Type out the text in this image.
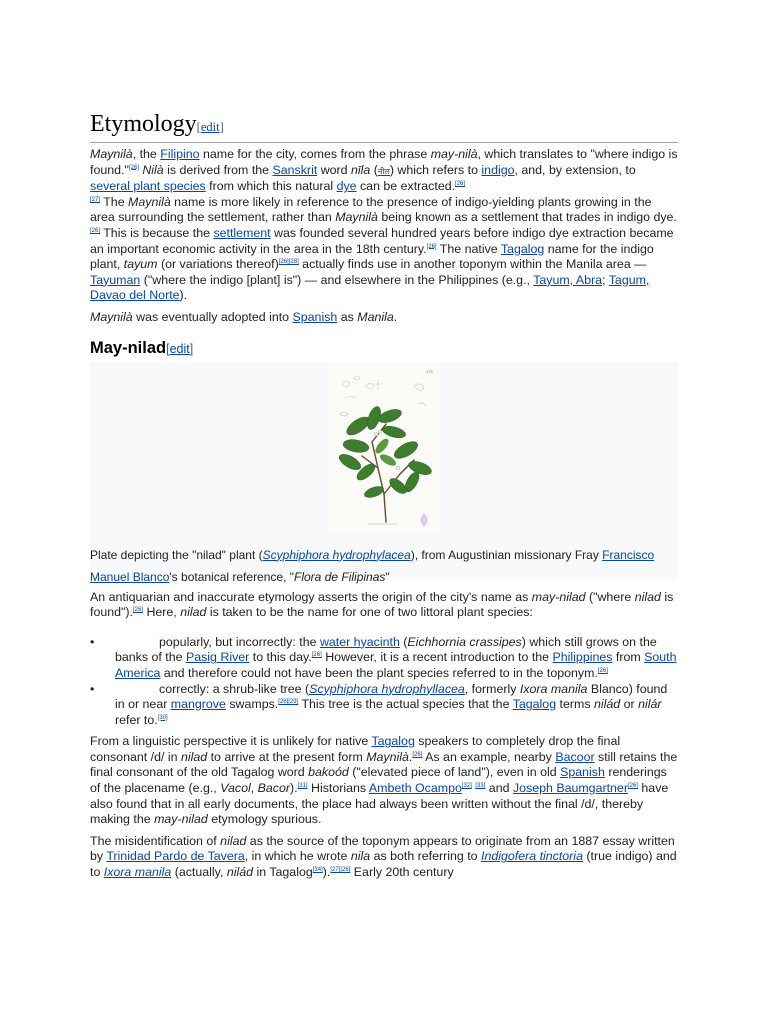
Etymology[edit]

Maynilà, the Filipino name for the city, comes from the phrase may-nilà, which translates to "where indigo is found."[26] Nilà is derived from the Sanskrit word nīla (नील) which refers to indigo, and, by extension, to several plant species from which this natural dye can be extracted.[26]
[27] The Maynilà name is more likely in reference to the presence of indigo-yielding plants growing in the area surrounding the settlement, rather than Maynilà being known as a settlement that trades in indigo dye.[26] This is because the settlement was founded several hundred years before indigo dye extraction became an important economic activity in the area in the 18th century.[26] The native Tagalog name for the indigo plant, tayum (or variations thereof)[26][28] actually finds use in another toponym within the Manila area — Tayuman ("where the indigo [plant] is") — and elsewhere in the Philippines (e.g., Tayum, Abra; Tagum, Davao del Norte).

Maynilà was eventually adopted into Spanish as Manila.

May-nilad[edit]
475
Plate depicting the "nilad" plant (Scyphiphora hydrophylacea), from Augustinian missionary Fray Francisco Manuel Blanco's botanical reference, "Flora de Filipinas"

An antiquarian and inaccurate etymology asserts the origin of the city's name as may-nilad ("where nilad is found").[26] Here, nilad is taken to be the name for one of two littoral plant species:

•	popularly, but incorrectly: the water hyacinth (Eichhornia crassipes) which still grows on the banks of the Pasig River to this day.[26] However, it is a recent introduction to the Philippines from South America and therefore could not have been the plant species referred to in the toponym.[26]
•	correctly: a shrub-like tree (Scyphiphora hydrophyllacea, formerly Ixora manila Blanco) found in or near mangrove swamps.[26][29] This tree is the actual species that the Tagalog terms nilád or nilár refer to.[30]

From a linguistic perspective it is unlikely for native Tagalog speakers to completely drop the final consonant /d/ in nilad to arrive at the present form Maynilà.[26] As an example, nearby Bacoor still retains the final consonant of the old Tagalog word bakoód ("elevated piece of land"), even in old Spanish renderings of the placename (e.g., Vacol, Bacor).[31] Historians Ambeth Ocampo[32] [33] and Joseph Baumgartner[26] have also found that in all early documents, the place had always been written without the final /d/, thereby making the may-nilad etymology spurious.

The misidentification of nilad as the source of the toponym appears to originate from an 1887 essay written by Trinidad Pardo de Tavera, in which he wrote nila as both referring to Indigofera tinctoria (true indigo) and to Ixora manila (actually, nilád in Tagalog[34]).[27][26] Early 20th century
